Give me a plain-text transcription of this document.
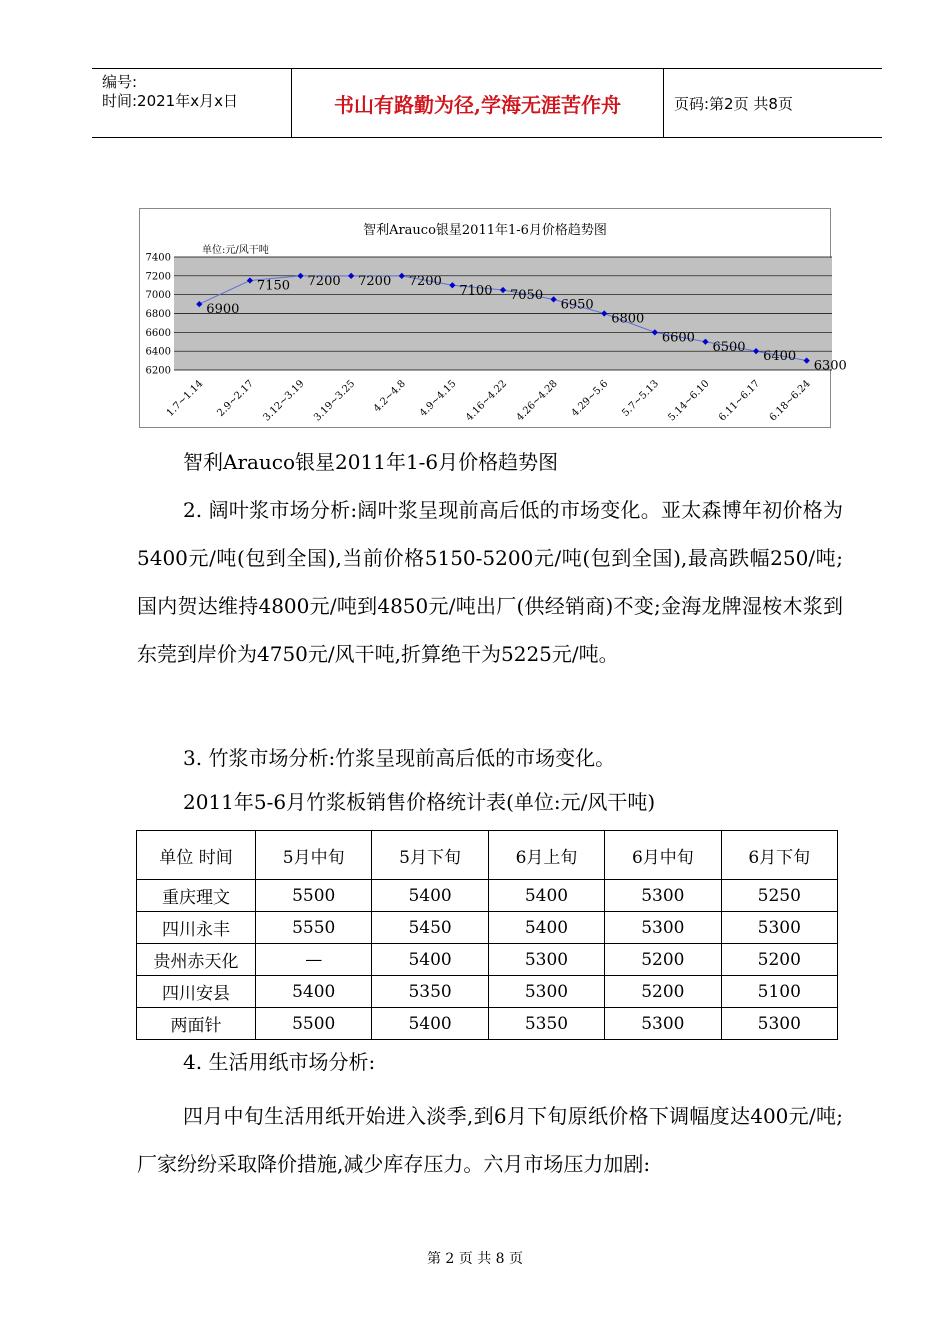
编号:
时间:2021年x月x日	书山有路勤为径,学海无涯苦作舟	页码:第2页 共8页
智利Arauco银星2011年1-6月价格趋势图
单位:元/风干吨
7400
7200
7000
6800
6600
6400
6200
6900
7150 7200 7200 7200
7100 7050
6950
6800
6600
6500
6400
6300
1.7~1.14 2.9~2.17 3.12~3.19 3.19~3.25 4.2~4.8 4.9~4.15 4.16~4.22 4.26~4.28 4.29~5.6 5.7~5.13 5.14~6.10 6.11~6.17 6.18~6.24
智利Arauco银星2011年1-6月价格趋势图
2. 阔叶浆市场分析:阔叶浆呈现前高后低的市场变化。亚太森博年初价格为5400元/吨(包到全国),当前价格5150-5200元/吨(包到全国),最高跌幅250/吨;国内贺达维持4800元/吨到4850元/吨出厂(供经销商)不变;金海龙牌湿桉木浆到东莞到岸价为4750元/风干吨,折算绝干为5225元/吨。
3. 竹浆市场分析:竹浆呈现前高后低的市场变化。
2011年5-6月竹浆板销售价格统计表(单位:元/风干吨)
单位 时间	5月中旬	5月下旬	6月上旬	6月中旬	6月下旬
重庆理文	5500	5400	5400	5300	5250
四川永丰	5550	5450	5400	5300	5300
贵州赤天化	—	5400	5300	5200	5200
四川安县	5400	5350	5300	5200	5100
两面针	5500	5400	5350	5300	5300
4. 生活用纸市场分析:
四月中旬生活用纸开始进入淡季,到6月下旬原纸价格下调幅度达400元/吨;厂家纷纷采取降价措施,减少库存压力。六月市场压力加剧:
第 2 页 共 8 页
